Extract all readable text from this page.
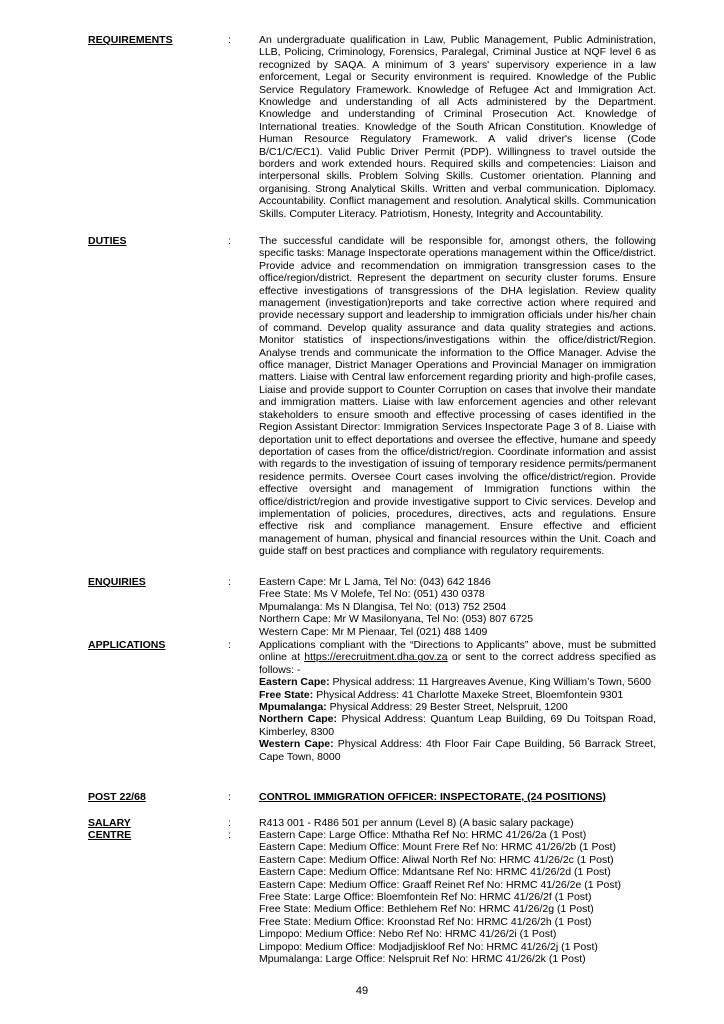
REQUIREMENTS	:	An undergraduate qualification in Law, Public Management, Public Administration, LLB, Policing, Criminology, Forensics, Paralegal, Criminal Justice at NQF level 6 as recognized by SAQA. A minimum of 3 years' supervisory experience in a law enforcement, Legal or Security environment is required. Knowledge of the Public Service Regulatory Framework. Knowledge of Refugee Act and Immigration Act. Knowledge and understanding of all Acts administered by the Department. Knowledge and understanding of Criminal Prosecution Act. Knowledge of International treaties. Knowledge of the South African Constitution. Knowledge of Human Resource Regulatory Framework. A valid driver's license (Code B/C1/C/EC1). Valid Public Driver Permit (PDP). Willingness to travel outside the borders and work extended hours. Required skills and competencies: Liaison and interpersonal skills. Problem Solving Skills. Customer orientation. Planning and organising. Strong Analytical Skills. Written and verbal communication. Diplomacy. Accountability. Conflict management and resolution. Analytical skills. Communication Skills. Computer Literacy. Patriotism, Honesty, Integrity and Accountability.
DUTIES	:	The successful candidate will be responsible for, amongst others, the following specific tasks: Manage Inspectorate operations management within the Office/district. Provide advice and recommendation on immigration transgression cases to the office/region/district. Represent the department on security cluster forums. Ensure effective investigations of transgressions of the DHA legislation. Review quality management (investigation)reports and take corrective action where required and provide necessary support and leadership to immigration officials under his/her chain of command. Develop quality assurance and data quality strategies and actions. Monitor statistics of inspections/investigations within the office/district/Region. Analyse trends and communicate the information to the Office Manager. Advise the office manager, District Manager Operations and Provincial Manager on immigration matters. Liaise with Central law enforcement regarding priority and high-profile cases, Liaise and provide support to Counter Corruption on cases that involve their mandate and immigration matters. Liaise with law enforcement agencies and other relevant stakeholders to ensure smooth and effective processing of cases identified in the Region Assistant Director: Immigration Services Inspectorate Page 3 of 8. Liaise with deportation unit to effect deportations and oversee the effective, humane and speedy deportation of cases from the office/district/region. Coordinate information and assist with regards to the investigation of issuing of temporary residence permits/permanent residence permits. Oversee Court cases involving the office/district/region. Provide effective oversight and management of Immigration functions within the office/district/region and provide investigative support to Civic services. Develop and implementation of policies, procedures, directives, acts and regulations. Ensure effective risk and compliance management. Ensure effective and efficient management of human, physical and financial resources within the Unit. Coach and guide staff on best practices and compliance with regulatory requirements.
ENQUIRIES	:	Eastern Cape: Mr L Jama, Tel No: (043) 642 1846

Free State: Ms V Molefe, Tel No: (051) 430 0378

Mpumalanga: Ms N Dlangisa, Tel No: (013) 752 2504

Northern Cape: Mr W Masilonyana, Tel No: (053) 807 6725

Western Cape: Mr M Pienaar, Tel (021) 488 1409

APPLICATIONS	:	Applications compliant with the “Directions to Applicants” above, must be submitted online at https://erecruitment.dha.gov.za or sent to the correct address specified as follows: -

Eastern Cape: Physical address: 11 Hargreaves Avenue, King William’s Town, 5600

Free State: Physical Address: 41 Charlotte Maxeke Street, Bloemfontein 9301

Mpumalanga: Physical Address: 29 Bester Street, Nelspruit, 1200

Northern Cape: Physical Address: Quantum Leap Building, 69 Du Toitspan Road, Kimberley, 8300

Western Cape: Physical Address: 4th Floor Fair Cape Building, 56 Barrack Street, Cape Town, 8000

POST 22/68	:	CONTROL IMMIGRATION OFFICER: INSPECTORATE, (24 POSITIONS)
SALARY	:	R413 001 - R486 501 per annum (Level 8) (A basic salary package)
CENTRE	:	Eastern Cape: Large Office: Mthatha Ref No: HRMC 41/26/2a (1 Post)

Eastern Cape: Medium Office: Mount Frere Ref No: HRMC 41/26/2b (1 Post)

Eastern Cape: Medium Office: Aliwal North Ref No: HRMC 41/26/2c (1 Post)

Eastern Cape: Medium Office: Mdantsane Ref No: HRMC 41/26/2d (1 Post)

Eastern Cape: Medium Office: Graaff Reinet Ref No: HRMC 41/26/2e (1 Post)

Free State: Large Office: Bloemfontein Ref No: HRMC 41/26/2f (1 Post)

Free State: Medium Office: Bethlehem Ref No: HRMC 41/26/2g (1 Post)

Free State: Medium Office: Kroonstad Ref No: HRMC 41/26/2h (1 Post)

Limpopo: Medium Office: Nebo Ref No: HRMC 41/26/2i (1 Post)

Limpopo: Medium Office: Modjadjiskloof Ref No: HRMC 41/26/2j (1 Post)

Mpumalanga: Large Office: Nelspruit Ref No: HRMC 41/26/2k (1 Post)

49
